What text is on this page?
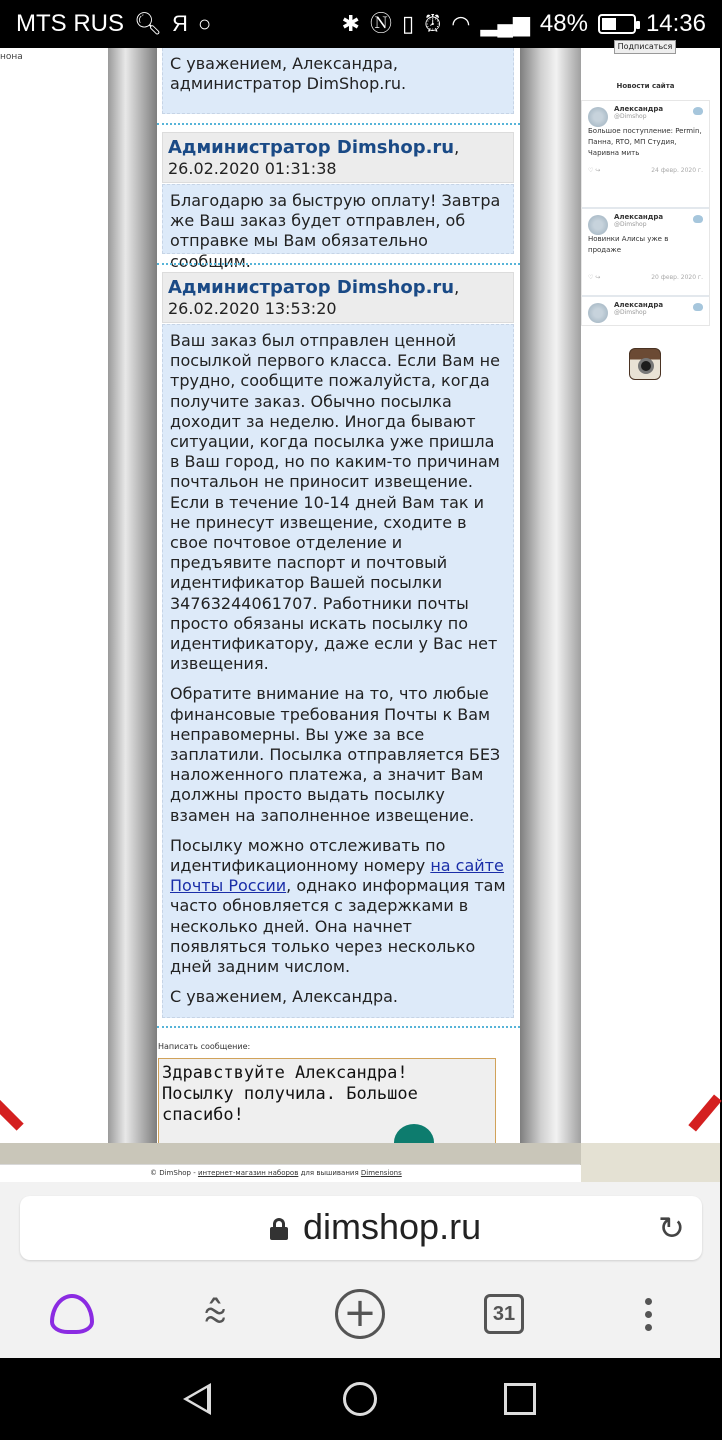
MTS RUS 🔍︎ Я ○	✱ Ⓝ ▯ ⏰︎ ◠ ▂▄▆ 48% 14:36
нона	С уважением, Александра, администратор DimShop.ru.
Администратор Dimshop.ru,
26.02.2020 01:31:38

Благодарю за быструю оплату! Завтра же Ваш заказ будет отправлен, об отправке мы Вам обязательно сообщим.

Администратор Dimshop.ru,
26.02.2020 13:53:20

Ваш заказ был отправлен ценной посылкой первого класса. Если Вам не трудно, сообщите пожалуйста, когда получите заказ. Обычно посылка доходит за неделю. Иногда бывают ситуации, когда посылка уже пришла в Ваш город, но по каким-то причинам почтальон не приносит извещение. Если в течение 10-14 дней Вам так и не принесут извещение, сходите в свое почтовое отделение и предъявите паспорт и почтовый идентификатор Вашей посылки 34763244061707. Работники почты просто обязаны искать посылку по идентификатору, даже если у Вас нет извещения.

Обратите внимание на то, что любые финансовые требования Почты к Вам неправомерны. Вы уже за все заплатили. Посылка отправляется БЕЗ наложенного платежа, а значит Вам должны просто выдать посылку взамен на заполненное извещение.

Посылку можно отслеживать по идентификационному номеру на сайте Почты России, однако информация там часто обновляется с задержками в несколько дней. Она начнет появляться только через несколько дней задним числом.

С уважением, Александра.

Написать сообщение:
Здравствуйте Александра!
Посылку получила. Большое
спасибо!
Подписаться
Новости сайта
Александра
@Dimshop
Большое поступление: Permin, Панна, RTO, МП Студия, Чаривна мить
♡ ↪	24 февр. 2020 г.
Александра
@Dimshop
Новинки Алисы уже в продаже
♡ ↪	20 февр. 2020 г.
Александра
@Dimshop
© DimShop - интернет-магазин наборов для вышивания Dimensions
dimshop.ru	↻
⩯	+	31
